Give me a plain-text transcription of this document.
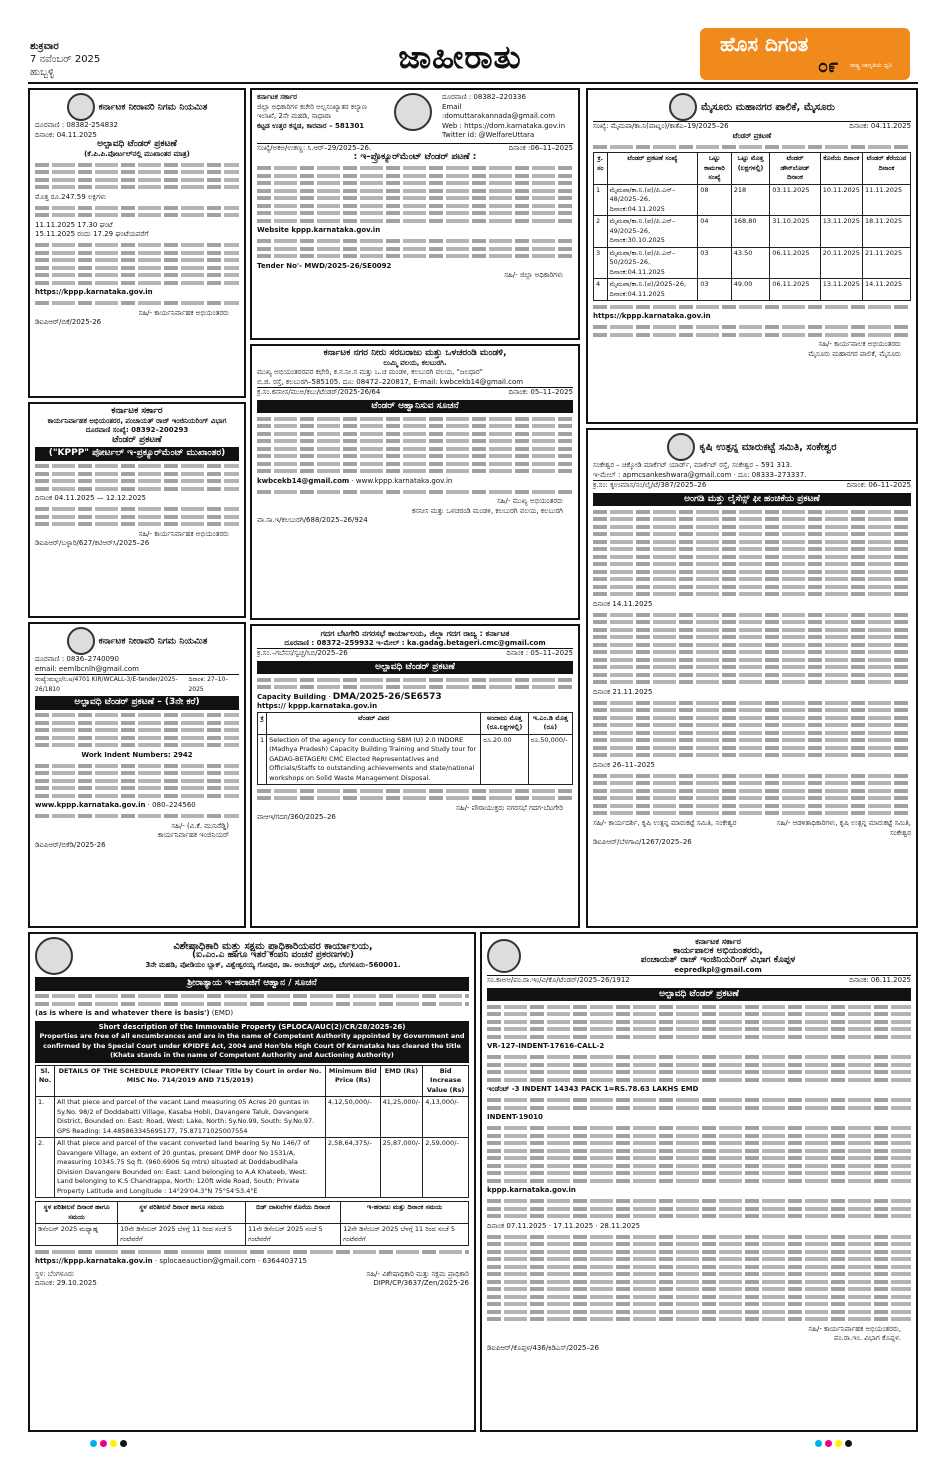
ಶುಕ್ರವಾರ
7 ನವೆಂಬರ್ 2025
ಹುಬ್ಬಳ್ಳಿ	ಜಾಹೀರಾತು	ಹೊಸ ದಿಗಂತ
೦೯ ರಾಷ್ಟ್ರ ಜಾಗೃತಿಯ ಧ್ವನಿ
ಕರ್ನಾಟಕ ನೀರಾವರಿ ನಿಗಮ ನಿಯಮಿತ
ದೂರವಾಣಿ : 08382-254832
ದಿನಾಂಕ: 04.11.2025
ಅಲ್ಪಾವಧಿ ಟೆಂಡರ್ ಪ್ರಕಟಣೆ
(ಕೆ.ಪಿ.ಪಿ.ಪೋರ್ಟಲ್‌ನಲ್ಲಿ ಮುಖಾಂತರ ಮಾತ್ರ)
ಮೊತ್ತ ರೂ.247.59 ಲಕ್ಷಗಳು
11.11.2025 17.30 ಘಂಟೆ
15.11.2025 ರಂದು 17.29 ಘಂಟೆಯವರೆಗೆ
https://kppp.karnataka.gov.in
ಸಹಿ/- ಕಾರ್ಯನಿರ್ವಾಹಕ ಅಭಿಯಂತರರು
ಡಿಐಪಿಆರ್/ಬಿಕೆ/2025-26
ಕರ್ನಾಟಕ ಸರ್ಕಾರ
ಜಿಲ್ಲಾ ಅಧಿಕಾರಿಗಳ ಕಚೇರಿ ಅಲ್ಪಸಂಖ್ಯಾತರ ಕಲ್ಯಾಣ ಇಲಾಖೆ, 2ನೇ ಮಹಡಿ, ಸಾಧಾರಾ
ಕಟ್ಟಡ ಉತ್ತರ ಕನ್ನಡ, ಕಾರವಾರ – 581301
ದೂರವಾಣಿ : 08382–220336
Email :domuttarakannada@gmail.com
Web : https://dom.karnataka.gov.in
Twitter id: @WelfareUttara
ಸಂಖ್ಯೆ/ಅಕಅ/ಉಕಣ್ಣ: ಸಿ.ಆರ್–29/2025–26.	ದಿನಾಂಕ :06–11–2025
: ಇ–ಪ್ರೊಕ್ಯೂರ್‌ಮೆಂಟ್ ಟೆಂಡರ್ ಪಟಣೆ :
Website kppp.karnataka.gov.in
Tender No'- MWD/2025-26/SE0092
ಸಹಿ/- ಜಿಲ್ಲಾ ಅಧಿಕಾರಿಗಳು
ಮೈಸೂರು ಮಹಾನಗರ ಪಾಲಿಕೆ, ಮೈಸೂರು
ಸಂಖ್ಯೆ: ಮೈಮಪಾ/ಕಾ.ನಿ(ಪಾಟ್ನಂ)/ಕಾತೆಎ–19/2025–26	ದಿನಾಂಕ: 04.11.2025
ಟೆಂಡರ್ ಪ್ರಕಟಣೆ
ಕ್ರ. ಸಂ	ಟೆಂಡರ್ ಪ್ರಕಟಣೆ ಸಂಖ್ಯೆ	ಒಟ್ಟು ಕಾಮಗಾರಿ ಸಂಖ್ಯೆ	ಒಟ್ಟು ಮೊತ್ತ (ಲಕ್ಷಗಳಲ್ಲಿ)	ಟೆಂಡರ್ ಡೌನ್‌ಲೋಡ್ ದಿನಾಂಕ	ಕೊನೆಯ ದಿನಾಂಕ	ಟೆಂಡರ್ ತೆರೆಯುವ ದಿನಾಂಕ
1	ಮೈಮಪಾ/ಕಾ.ನಿ.(ಪ)/ಪಿ.ಎನ್–48/2025–26, ದಿನಾಂಕ:04.11.2025	08	218	03.11.2025	10.11.2025	11.11.2025
2	ಮೈಮಪಾ/ಕಾ.ನಿ.(ಪ)/ಪಿ.ಎನ್–49/2025–26, ದಿನಾಂಕ:30.10.2025	04	168.80	31.10.2025	13.11.2025	18.11.2025
3	ಮೈಮಪಾ/ಕಾ.ನಿ.(ಪ)/ಪಿ.ಎನ್–50/2025–26, ದಿನಾಂಕ:04.11.2025	03	43.50	06.11.2025	20.11.2025	21.11.2025
4	ಮೈಮಪಾ/ಕಾ.ನಿ.(ಪ)/2025–26, ದಿನಾಂಕ:04.11.2025	03	49.00	06.11.2025	13.11.2025	14.11.2025
https://kppp.karnataka.gov.in
ಸಹಿ/- ಕಾರ್ಯಪಾಲಕ ಅಭಿಯಂತರರು
ಮೈಸೂರು ಮಹಾನಗರ ಪಾಲಿಕೆ, ಮೈಸೂರು
ಕರ್ನಾಟಕ ಸರ್ಕಾರ
ಕಾರ್ಯನಿರ್ವಾಹಕ ಅಭಿಯಂತರರ, ಪಂಚಾಯತ್ ರಾಜ್ ಇಂಜಿನಿಯರಿಂಗ್ ವಿಭಾಗ
ದೂರವಾಣಿ ಸಂಖ್ಯೆ: 08392–200293
ಟೆಂಡರ್ ಪ್ರಕಟಣೆ
("KPPP" ಪೋರ್ಟಲ್ ಇ-ಪ್ರಕ್ಯೂರ್‌ಮೆಂಟ್ ಮುಖಾಂತರ)
ದಿನಾಂಕ 04.11.2025 — 12.12.2025
ಸಹಿ/- ಕಾರ್ಯನಿರ್ವಾಹಕ ಅಭಿಯಂತರರು
ಡಿಐಪಿಆರ್/ಬಳ್ಳಾರಿ/627/ಕಟಿಆರ್‌ಸಿ/2025–26
ಕರ್ನಾಟಕ ನಗರ ನೀರು ಸರಬರಾಜು ಮತ್ತು ಒಳಚರಂಡಿ ಮಂಡಳಿ,
ಲುಮ್ಮಿ ವಲಯ, ಕಲಬುರಗಿ.
ಮುಖ್ಯ ಅಭಿಯಂತರರವರ ಕಛೇರಿ, ಕ.ನ.ನೀ.ಸ ಮತ್ತು ಒ.ಚ ಮಂಡಳಿ, ಕಲಬುರಗಿ ವಲಯ, "ಜಲಧಾರ"
ಬಿ.ಜಿ. ರಸ್ತೆ, ಕಲಬುರಗಿ–585105. ದೂ: 08472–220817, E-mail: kwbcekb14@gmail.com
ಕ್ರ.ಸಂ.ಕನನೀಸ/ಮುಅ/ಕಬು/ಟೆಂಡರ್/2025-26/64	ದಿನಾಂಕ: 05–11–2025
ಟೆಂಡರ್ ಆಹ್ವಾನಿಸುವ ಸೂಚನೆ
kwbcekb14@gmail.com · www.kppp.karnataka.gov.in
ಸಹಿ/- ಮುಖ್ಯ ಅಭಿಯಂತರರು
ಕನನೀಸ ಮತ್ತು ಒಳಚರಂಡಿ ಮಂಡಳಿ, ಕಲಬುರಗಿ ವಲಯ, ಕಲಬುರಗಿ
ವಾ.ಸಾ.ಇ/ಕಲಬುರಗಿ/688/2025–26/924
ಕರ್ನಾಟಕ ನೀರಾವರಿ ನಿಗಮ ನಿಯಮಿತ
ದೂರವಾಣಿ : 0836–2740090
email: eemlbcnlh@gmail.com
ಸಂಖ್ಯೆ:ಮಲ್ಲಂ/ನಿ.ಅ/4701 KIR/WCALL-3/E-tender/2025-26/1810
ದಿನಾಂಕ: 27–10–2025
ಅಲ್ಪಾವಧಿ ಟೆಂಡರ್ ಪ್ರಕಟಣೆ – (3ನೇ ಕರೆ)
Work Indent Numbers: 2942
www.kppp.karnataka.gov.in · 080–224560
ಸಹಿ/- (ವಿ.ಕೆ. ಮುನಿರೆಡ್ಡಿ)
ಕಾರ್ಯನಿರ್ವಾಹಕ ಇಂಜಿನಿಯರ್
ಡಿಐಪಿಆರ್/ಬಿಕೆಡಿ/2025-26
ಗದಗ ಬೆಟಗೇರಿ ನಗರಸಭೆ ಕಾರ್ಯಾಲಯ, ಜಿಲ್ಲಾ ಗದಗ ರಾಜ್ಯ : ಕರ್ನಾಟಕ
ದೂರವಾಣಿ : 08372–259932 ಇ-ಮೇಲ್ : ka.gadag.betageri.cmc@gmail.com
ಕ್ರ.ಸಂ.–ಗಬೆನಸ/ಸ್ವಚ್ಛ/ಸಿಬಿ/2025–26	ದಿನಾಂಕ : 05–11–2025
ಅಲ್ಪಾವಧಿ ಟೆಂಡರ್ ಪ್ರಕಟಣೆ
Capacity Building · DMA/2025-26/SE6573
https:// kppp.karnataka.gov.in
ಕ್ರ	ಟೆಂಡರ್ ವಿವರ	ಅಂದಾಜು ಮೊತ್ತ (ರೂ.ಲಕ್ಷಗಳಲ್ಲಿ)	ಇ.ಎಂ.ಡಿ ಮೊತ್ತ (ರೂ)
1	Selection of the agency for conducting SBM (U) 2.0 INDORE (Madhya Pradesh) Capacity Building Training and Study tour for GADAG-BETAGERI CMC Elected Representatives and Officials/Staffs to outstanding achievements and state/national workshops on Solid Waste Management Disposal.	ರೂ.20.00	ರೂ.50,000/-
ಸಹಿ/- ಪೌರಾಯುಕ್ತರು ನಗರಸಭೆ ಗದಗ-ಬೆಟಗೇರಿ
ವಾಆಇ/ಗದಗ/360/2025–26
ಕೃಷಿ ಉತ್ಪನ್ನ ಮಾರುಕಟ್ಟೆ ಸಮಿತಿ, ಸಂಕೇಶ್ವರ
ಸಂಕೇಶ್ವರ – ಚಿಕ್ಕೋಡಿ ಮಾರ್ಕೆಟ್ ಯಾರ್ಡ್, ಮಾರ್ಕೆಟ್ ರಸ್ತೆ, ಸಂಕೇಶ್ವರ – 591 313.
ಇ-ಮೇಲ್ : apmcsankeshwara@gmail.com · ದೂ: 08333–273337.
ಕ್ರ.ಸಂ: ಕೃಉಮಾಸ/ಸಂ/ಲೈ/ಟೆ/387/2025–26	ದಿನಾಂಕ: 06–11–2025
ಅಂಗಡಿ ಮತ್ತು ಲೈಸೆನ್ಸ್ ಫೀ ಹಂಚಿಕೆಯ ಪ್ರಕಟಣೆ
ದಿನಾಂಕ 14.11.2025
ದಿನಾಂಕ 21.11.2025
ದಿನಾಂಕ 26–11–2025
ಸಹಿ/- ಕಾರ್ಯದರ್ಶಿ, ಕೃಷಿ ಉತ್ಪನ್ನ ಮಾರುಕಟ್ಟೆ ಸಮಿತಿ, ಸಂಕೇಶ್ವರ	ಸಹಿ/- ಆಡಳಿತಾಧಿಕಾರಿಗಳು, ಕೃಷಿ ಉತ್ಪನ್ನ ಮಾರುಕಟ್ಟೆ ಸಮಿತಿ, ಸಂಕೇಶ್ವರ
ಡಿಐಪಿಆರ್/ಬೆಳಗಾವಿ/1267/2025–26
ವಿಶೇಷಾಧಿಕಾರಿ ಮತ್ತು ಸಕ್ಷಮ ಪ್ರಾಧಿಕಾರಿಯವರ ಕಾರ್ಯಾಲಯ,
(ಐ.ಎಂ.ಎ ಹಾಗೂ ಇತರೆ ಕಂಪನಿ ವಂಚನೆ ಪ್ರಕರಣಗಳು)
3ನೇ ಮಹಡಿ, ಪೋಡಿಯಂ ಬ್ಲಾಕ್, ವಿಶ್ವೇಶ್ವರಯ್ಯ ಗೋಪುರ, ಡಾ. ಅಂಬೇಡ್ಕರ್ ವೀಧಿ, ಬೆಂಗಳೂರು–560001.
ಶ್ರೀರಾತ್ಯಾಯ ಇ-ಹರಾಜಿಗೆ ಆಹ್ವಾನ / ಸೂಚನೆ
(as is where is and whatever there is basis') (EMD)
Short description of the Immovable Property (SPLOCA/AUC(2)/CR/28/2025-26)
Properties are free of all encumbrances and are in the name of Competent Authority appointed by Government and confirmed by the Special Court under KPIDFE Act, 2004 and Hon'ble High Court Of Karnataka has cleared the title (Khata stands in the name of Competent Authority and Auctioning Authority)
Sl. No.	DETAILS OF THE SCHEDULE PROPERTY (Clear Title by Court in order No. MISC No. 714/2019 AND 715/2019)	Minimum Bid Price (Rs)	EMD (Rs)	Bid Increase Value (Rs)
1.	All that piece and parcel of the vacant Land measuring 05 Acres 20 guntas in Sy.No. 98/2 of Doddabatti Village, Kasaba Hobli, Davangere Taluk, Davangere District, Bounded on: East: Road, West: Lake, North: Sy.No.99, South: Sy.No.97. GPS Reading: 14.485863345695177, 75.87171025007554	4,12,50,000/-	41,25,000/-	4,13,000/-
2.	All that piece and parcel of the vacant converted land bearing Sy No 146/7 of Davangere Village, an extent of 20 guntas, present DMP door No 1531/A, measuring 10345.75 Sq ft. (960.6906 Sq mtrs) situated at Doddabudihala Division Davangere Bounded on: East: Land belonging to A.A Khateeb, West: Land belonging to K.S Chandrappa, North: 120ft wide Road, South: Private Property Latitude and Longitude : 14°29'04.3"N 75°54'53.4"E	2,58,64,375/-	25,87,000/-	2,59,000/-
ಸ್ಥಳ ಪರಿಶೀಲನೆ ದಿನಾಂಕ ಹಾಗೂ ಸಮಯ	ಸ್ಥಳ ಪರಿಶೀಲನೆ ದಿನಾಂಕ ಹಾಗೂ ಸಮಯ	ಬಿಡ್ ದಾಖಲೆಗಳ ಕೊನೆಯ ದಿನಾಂಕ	ಇ-ಹರಾಜು ಮತ್ತು ದಿನಾಂಕ ಸಮಯ
ಡಿಸೆಂಬರ್ 2025 ಮಧ್ಯಾಹ್ನ	10ನೇ ಡಿಸೆಂಬರ್ 2025 ಬೆಳಗ್ಗೆ 11 ರಿಂದ ಸಂಜೆ 5 ಗಂಟೆವರೆಗೆ	11ನೇ ಡಿಸೆಂಬರ್ 2025 ಸಂಜೆ 5 ಗಂಟೆವರೆಗೆ	12ನೇ ಡಿಸೆಂಬರ್ 2025 ಬೆಳಗ್ಗೆ 11 ರಿಂದ ಸಂಜೆ 5 ಗಂಟೆವರೆಗೆ
https://kppp.karnataka.gov.in · splocaeauction@gmail.com · 6364403715
ಸ್ಥಳ: ಬೆಂಗಳೂರು
ದಿನಾಂಕ: 29.10.2025
ಸಹಿ/- ವಿಶೇಷಾಧಿಕಾರಿ ಮತ್ತು ಸಕ್ಷಮ ಪ್ರಾಧಿಕಾರಿ
DIPR/CP/3637/Zen/2025-26
ಕರ್ನಾಟಕ ಸರ್ಕಾರ
ಕಾರ್ಯಪಾಲಕ ಅಭಿಯಂತರರು,
ಪಂಚಾಯತ್ ರಾಜ್ ಇಂಜಿನಿಯರಿಂಗ್ ವಿಭಾಗ ಕೊಪ್ಪಳ
eepredkpl@gmail.com
ಸಂ.ಕಾಅಅ/ಪಂ.ರಾ.ಇಂ/ವಿ/ಕೊ/ಟೆಂಡರ್/2025–26/1912	ದಿನಾಂಕ: 06.11.2025
ಅಲ್ಪಾವಧಿ ಟೆಂಡರ್ ಪ್ರಕಟಣೆ
VR-127-INDENT-17616-CALL-2
ಇಂಡೆಂಟ್ -3 INDENT 14343 PACK 1=RS.78.63 LAKHS EMD
INDENT-19010
kppp.karnataka.gov.in
ದಿನಾಂಕ 07.11.2025 · 17.11.2025 · 28.11.2025
ಸಹಿ/- ಕಾರ್ಯನಿರ್ವಾಹಕ ಅಭಿಯಂತರರು,
ಪಂ.ರಾ.ಇಂ. ವಿಭಾಗ ಕೊಪ್ಪಳ.
ಡಿಐಪಿಆರ್/ಕೊಪ್ಪಳ/436/ಕಿಡಿಎಸ್/2025–26
